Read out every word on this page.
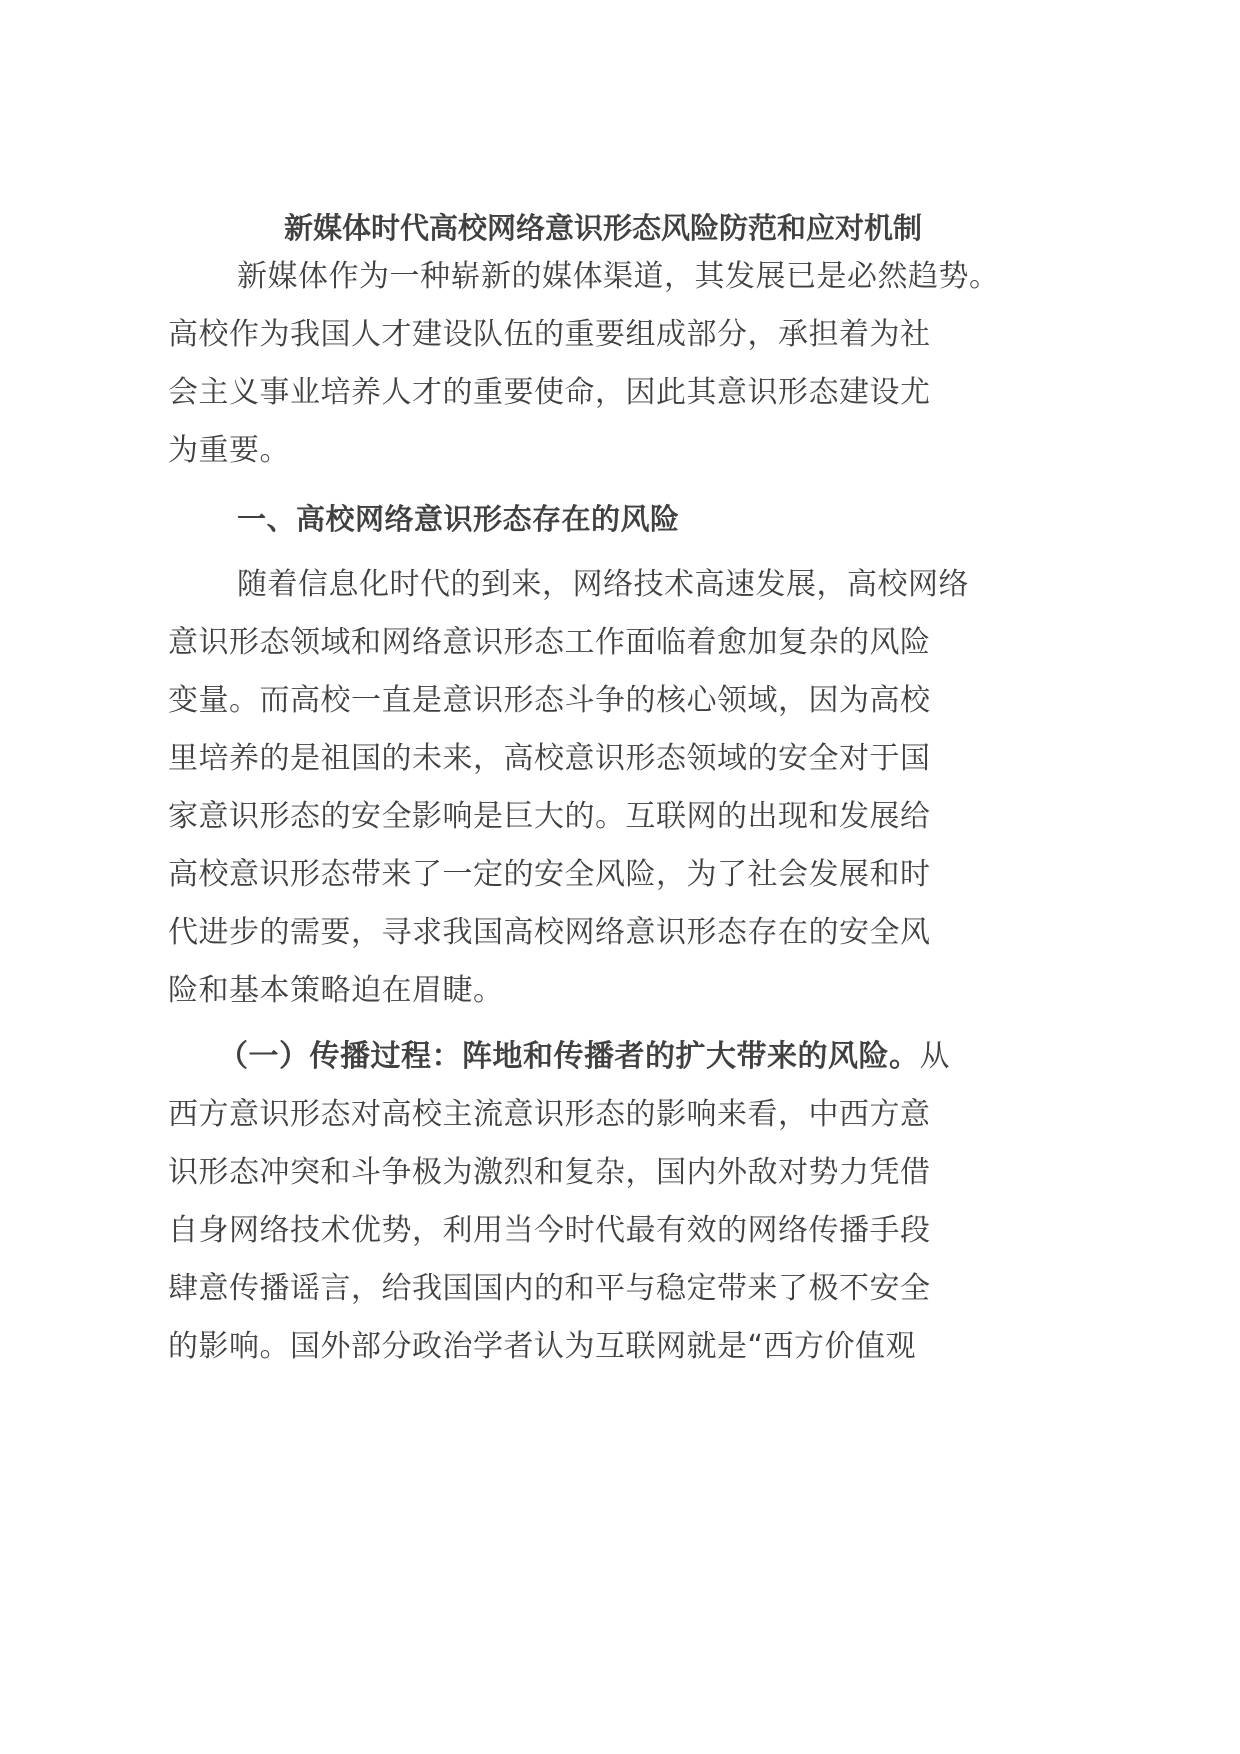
新媒体时代高校网络意识形态风险防范和应对机制
新媒体作为一种崭新的媒体渠道，其发展已是必然趋势。
高校作为我国人才建设队伍的重要组成部分，承担着为社
会主义事业培养人才的重要使命，因此其意识形态建设尤
为重要。
一、高校网络意识形态存在的风险
随着信息化时代的到来，网络技术高速发展，高校网络
意识形态领域和网络意识形态工作面临着愈加复杂的风险
变量。而高校一直是意识形态斗争的核心领域，因为高校
里培养的是祖国的未来，高校意识形态领域的安全对于国
家意识形态的安全影响是巨大的。互联网的出现和发展给
高校意识形态带来了一定的安全风险，为了社会发展和时
代进步的需要，寻求我国高校网络意识形态存在的安全风
险和基本策略迫在眉睫。
（一）传播过程：阵地和传播者的扩大带来的风险。从
西方意识形态对高校主流意识形态的影响来看，中西方意
识形态冲突和斗争极为激烈和复杂，国内外敌对势力凭借
自身网络技术优势，利用当今时代最有效的网络传播手段
肆意传播谣言，给我国国内的和平与稳定带来了极不安全
的影响。国外部分政治学者认为互联网就是“西方价值观
